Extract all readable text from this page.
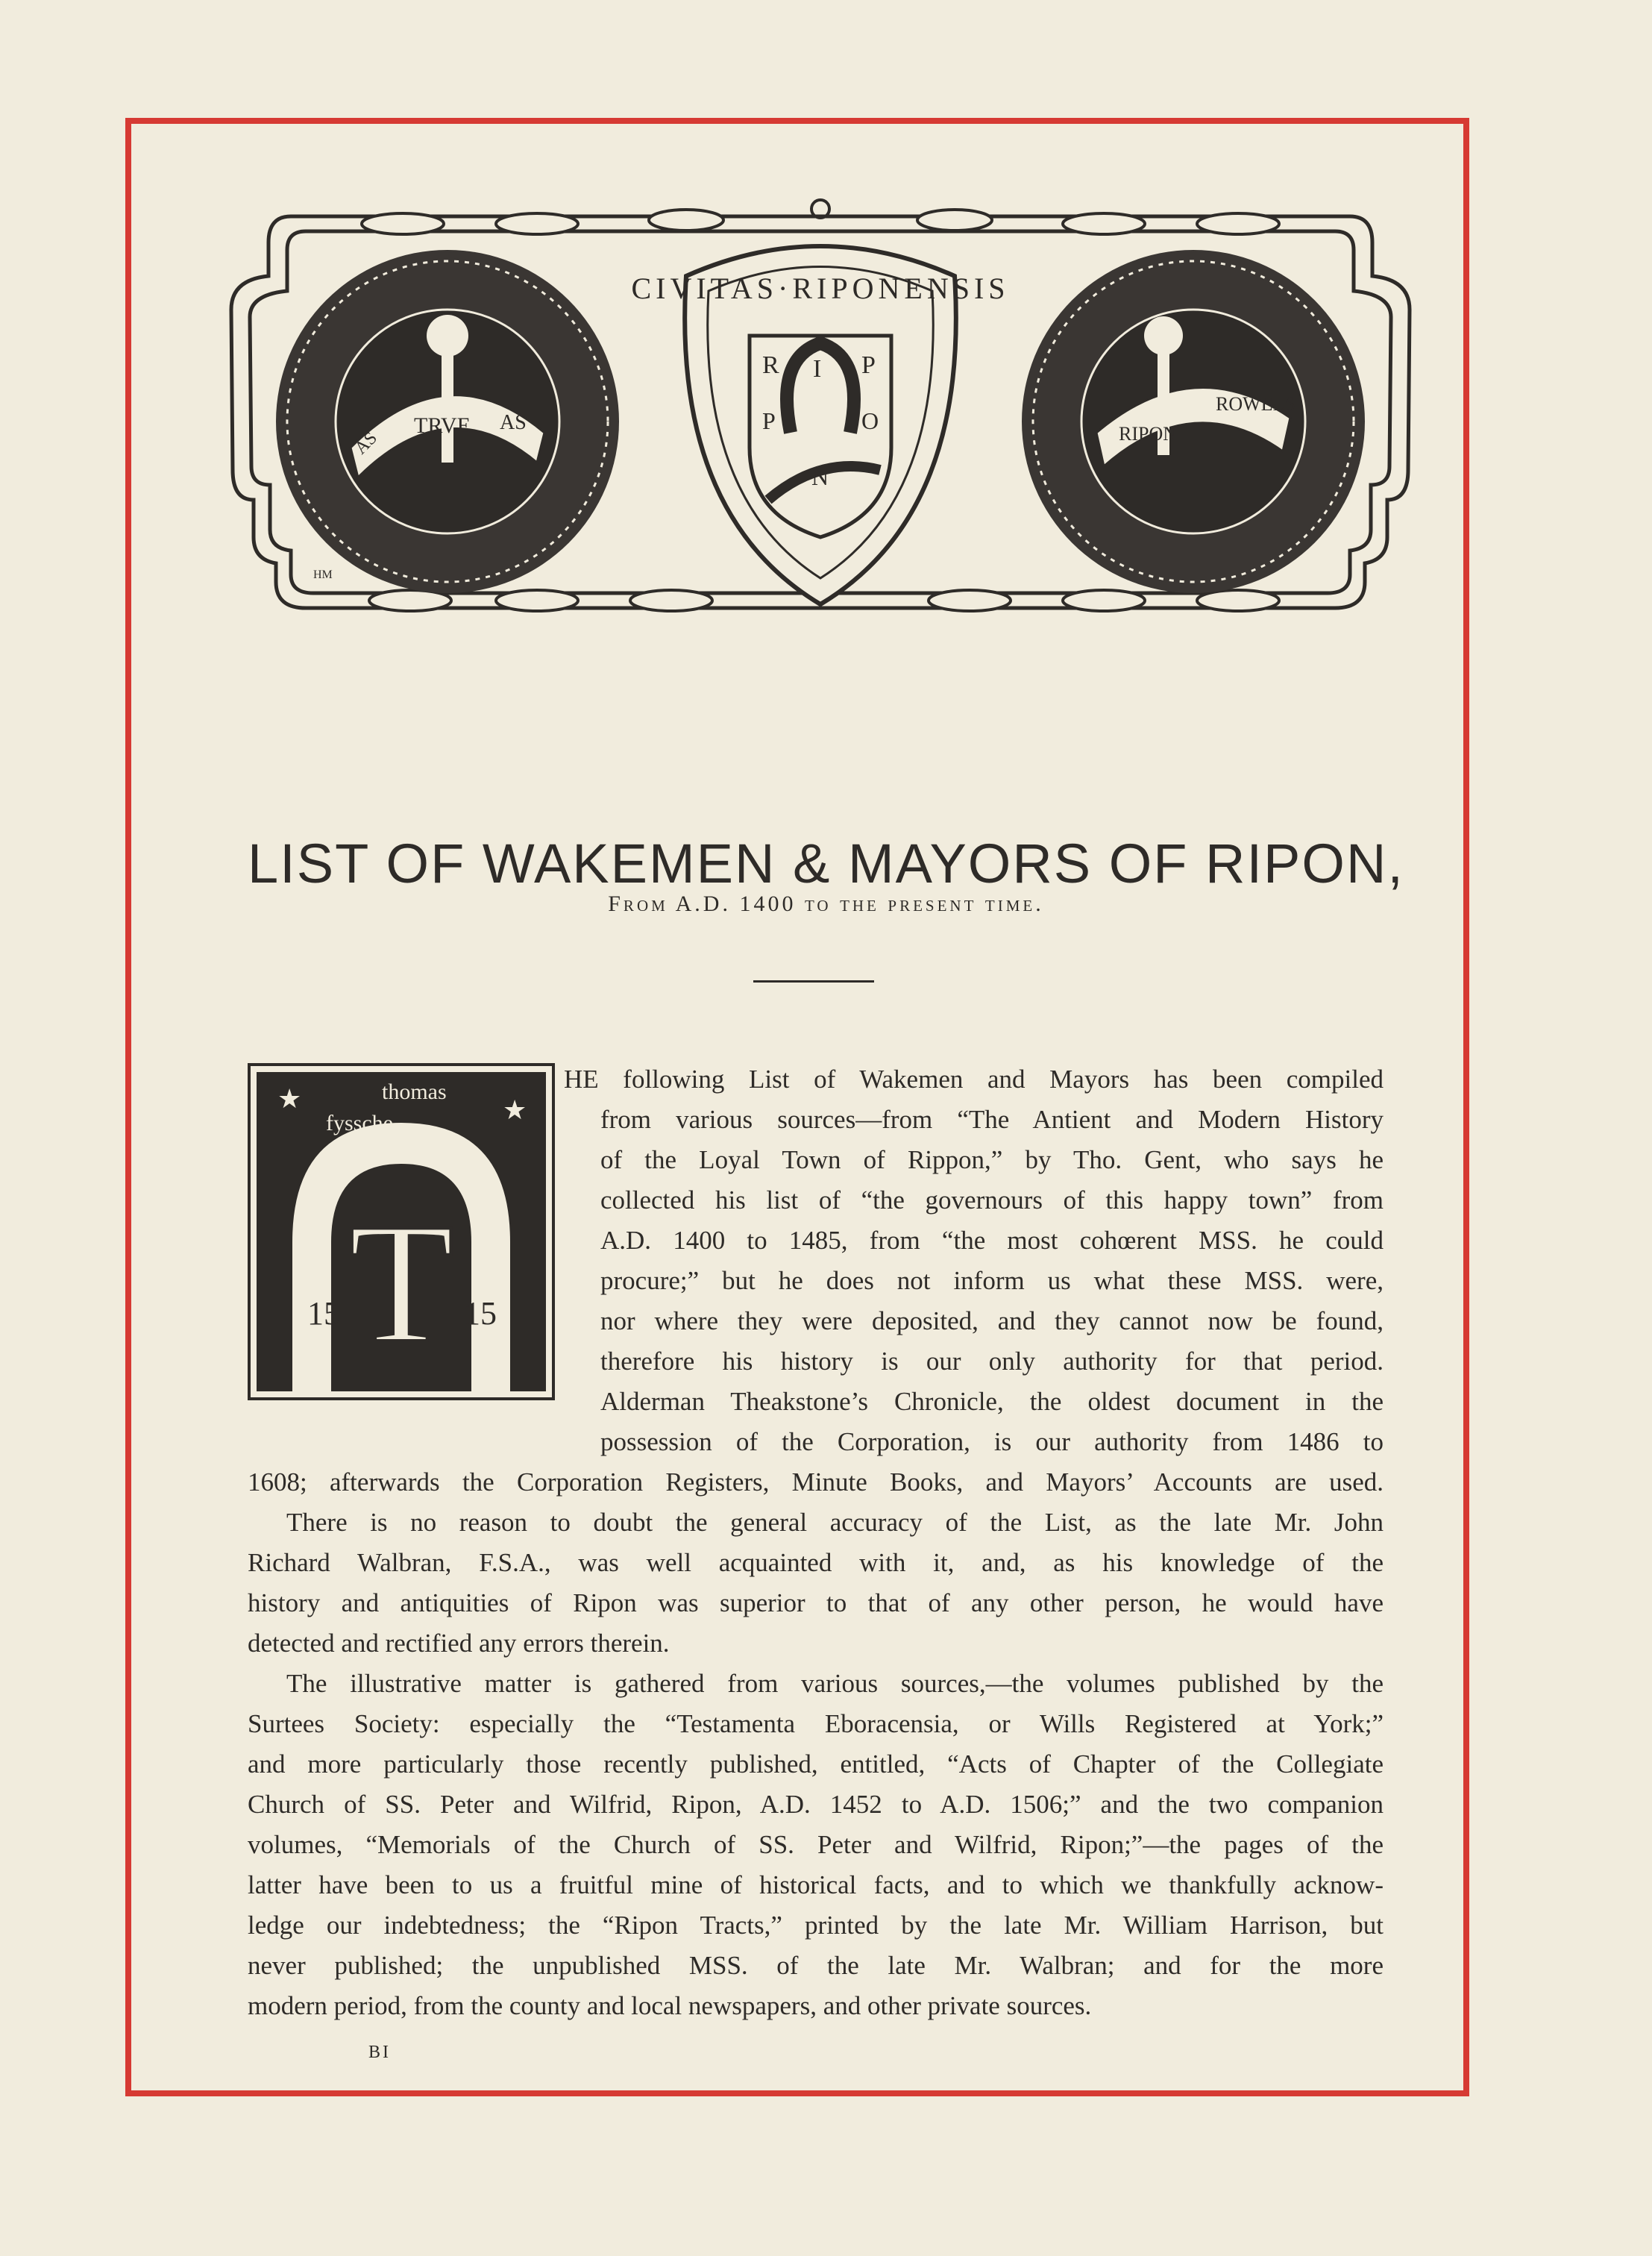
TRVE
AS
AS
R I P
P	O
N
CIVITAS·RIPONENSIS
RIPON
ROWELS
HM
LIST OF WAKEMEN & MAYORS OF RIPON,
From A.D. 1400 to the present time.
T
15	15
thomas
fyssche
★	★
HM
HE following List of Wakemen and Mayors has been compiled
from various sources—from “The Antient and Modern History
of the Loyal Town of Rippon,” by Tho. Gent, who says he
collected his list of “the governours of this happy town” from
A.D. 1400 to 1485, from “the most cohœrent MSS. he could
procure;” but he does not inform us what these MSS. were,
nor where they were deposited, and they cannot now be found,
therefore his history is our only authority for that period.
Alderman Theakstone’s Chronicle, the oldest document in the
possession of the Corporation, is our authority from 1486 to
1608; afterwards the Corporation Registers, Minute Books, and Mayors’ Accounts are used.
There is no reason to doubt the general accuracy of the List, as the late Mr. John
Richard Walbran, F.S.A., was well acquainted with it, and, as his knowledge of the
history and antiquities of Ripon was superior to that of any other person, he would have
detected and rectified any errors therein.
The illustrative matter is gathered from various sources,—the volumes published by the
Surtees Society: especially the “Testamenta Eboracensia, or Wills Registered at York;”
and more particularly those recently published, entitled, “Acts of Chapter of the Collegiate
Church of SS. Peter and Wilfrid, Ripon, A.D. 1452 to A.D. 1506;” and the two companion
volumes, “Memorials of the Church of SS. Peter and Wilfrid, Ripon;”—the pages of the
latter have been to us a fruitful mine of historical facts, and to which we thankfully acknow-
ledge our indebtedness; the “Ripon Tracts,” printed by the late Mr. William Harrison, but
never published; the unpublished MSS. of the late Mr. Walbran; and for the more
modern period, from the county and local newspapers, and other private sources.
BI
